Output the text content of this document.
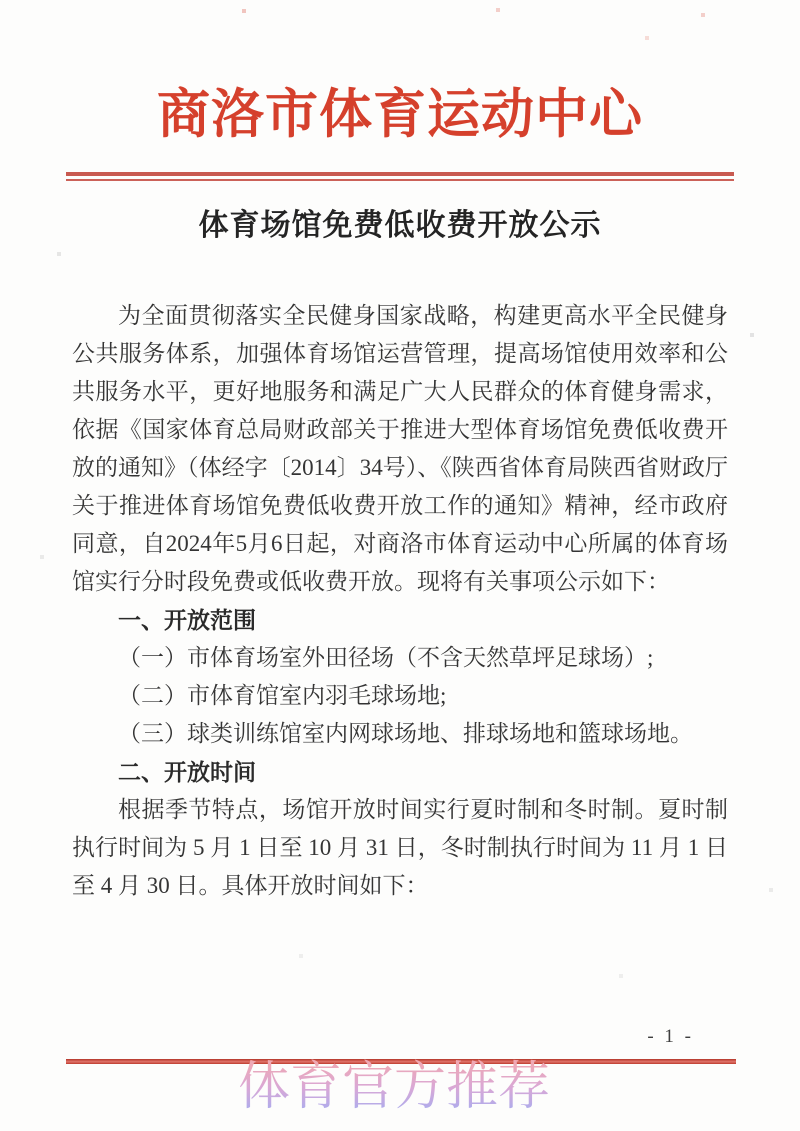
商洛市体育运动中心
体育场馆免费低收费开放公示

为全面贯彻落实全民健身国家战略，构建更高水平全民健身公共服务体系，加强体育场馆运营管理，提高场馆使用效率和公共服务水平，更好地服务和满足广大人民群众的体育健身需求，依据《国家体育总局财政部关于推进大型体育场馆免费低收费开放的通知》（体经字〔2014〕34号）、《陕西省体育局陕西省财政厅关于推进体育场馆免费低收费开放工作的通知》精神，经市政府同意，自2024年5月6日起，对商洛市体育运动中心所属的体育场馆实行分时段免费或低收费开放。现将有关事项公示如下：

一、开放范围

（一）市体育场室外田径场（不含天然草坪足球场）;

（二）市体育馆室内羽毛球场地;

（三）球类训练馆室内网球场地、排球场地和篮球场地。

二、开放时间

根据季节特点，场馆开放时间实行夏时制和冬时制。夏时制执行时间为 5 月 1 日至 10 月 31 日，冬时制执行时间为 11 月 1 日至 4 月 30 日。具体开放时间如下：

- 1 -
体育官方推荐
